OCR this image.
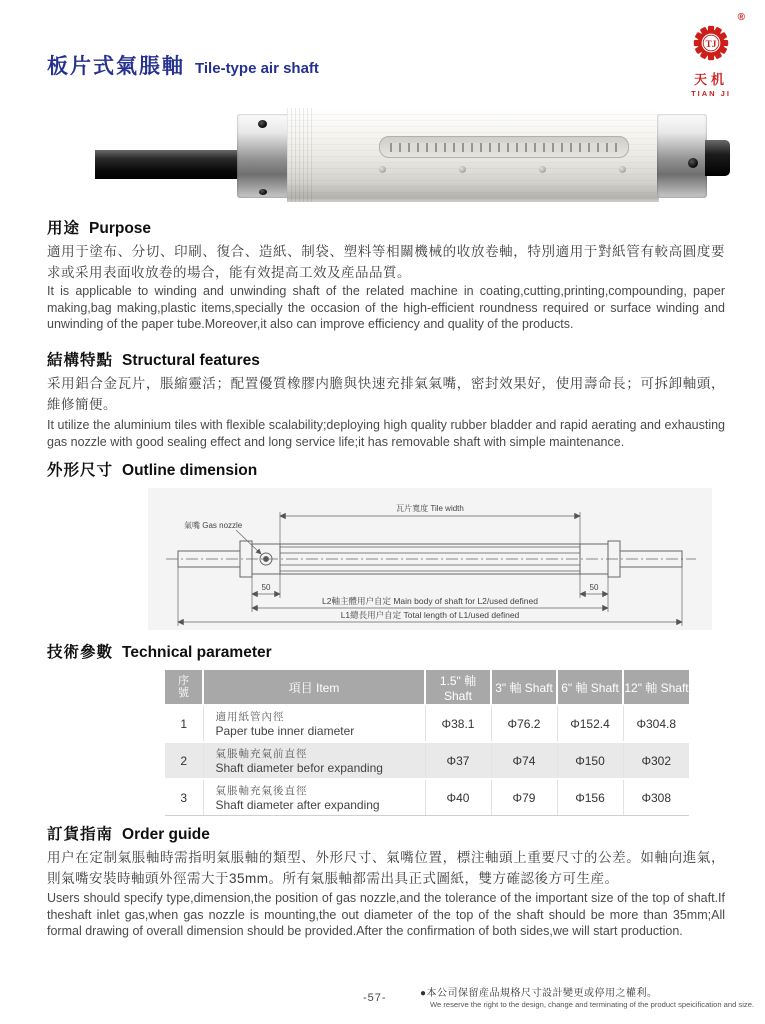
板片式氣脹軸 Tile-type air shaft
®
TJ
天机
TIAN JI
用途 Purpose

適用于塗布、分切、印刷、復合、造紙、制袋、塑料等相關機械的收放卷軸，特別適用于對紙管有較高圓度要求或采用表面收放卷的場合，能有效提高工效及産品品質。

It is applicable to winding and unwinding shaft of the related machine in coating,cutting,printing,compounding, paper making,bag making,plastic items,specially the occasion of the high-efficient roundness required or surface winding and unwinding of the paper tube.Moreover,it also can improve efficiency and quality of the products.

結構特點 Structural features

采用鋁合金瓦片，脹縮靈活；配置優質橡膠内膽與快速充排氣氣嘴，密封效果好，使用壽命長；可拆卸軸頭，維修簡便。

It utilize the aluminium tiles with flexible scalability;deploying high quality rubber bladder and rapid aerating and exhausting gas nozzle with good sealing effect and long service life;it has removable shaft with simple maintenance.

外形尺寸 Outline dimension
瓦片寬度 Tile width
氣嘴 Gas nozzle
50	50
L2軸主體用户自定 Main body of shaft for L2/used defined
L1總長用户自定 Total length of L1/used defined
技術參數 Technical parameter
序
號	項目 Item	1.5" 軸 Shaft	3" 軸 Shaft	6" 軸 Shaft	12" 軸 Shaft
1	適用紙管內徑
Paper tube inner diameter	Φ38.1	Φ76.2	Φ152.4	Φ304.8
2	氣脹軸充氣前直徑
Shaft diameter befor expanding	Φ37	Φ74	Φ150	Φ302
3	氣脹軸充氣後直徑
Shaft diameter after expanding	Φ40	Φ79	Φ156	Φ308
訂貨指南 Order guide

用户在定制氣脹軸時需指明氣脹軸的類型、外形尺寸、氣嘴位置，標注軸頭上重要尺寸的公差。如軸向進氣，則氣嘴安裝時軸頭外徑需大于35mm。所有氣脹軸都需出具正式圖紙，雙方確認後方可生産。

Users should specify type,dimension,the position of gas nozzle,and the tolerance of the important size of the top of shaft.If theshaft inlet gas,when gas nozzle is mounting,the out diameter of the top of the shaft should be more than 35mm;All formal drawing of overall dimension should be provided.After the confirmation of both sides,we will start production.

-57-	●本公司保留産品規格尺寸設計變更或停用之權利。
We reserve the right to the design, change and terminating of the product speicification and size.
